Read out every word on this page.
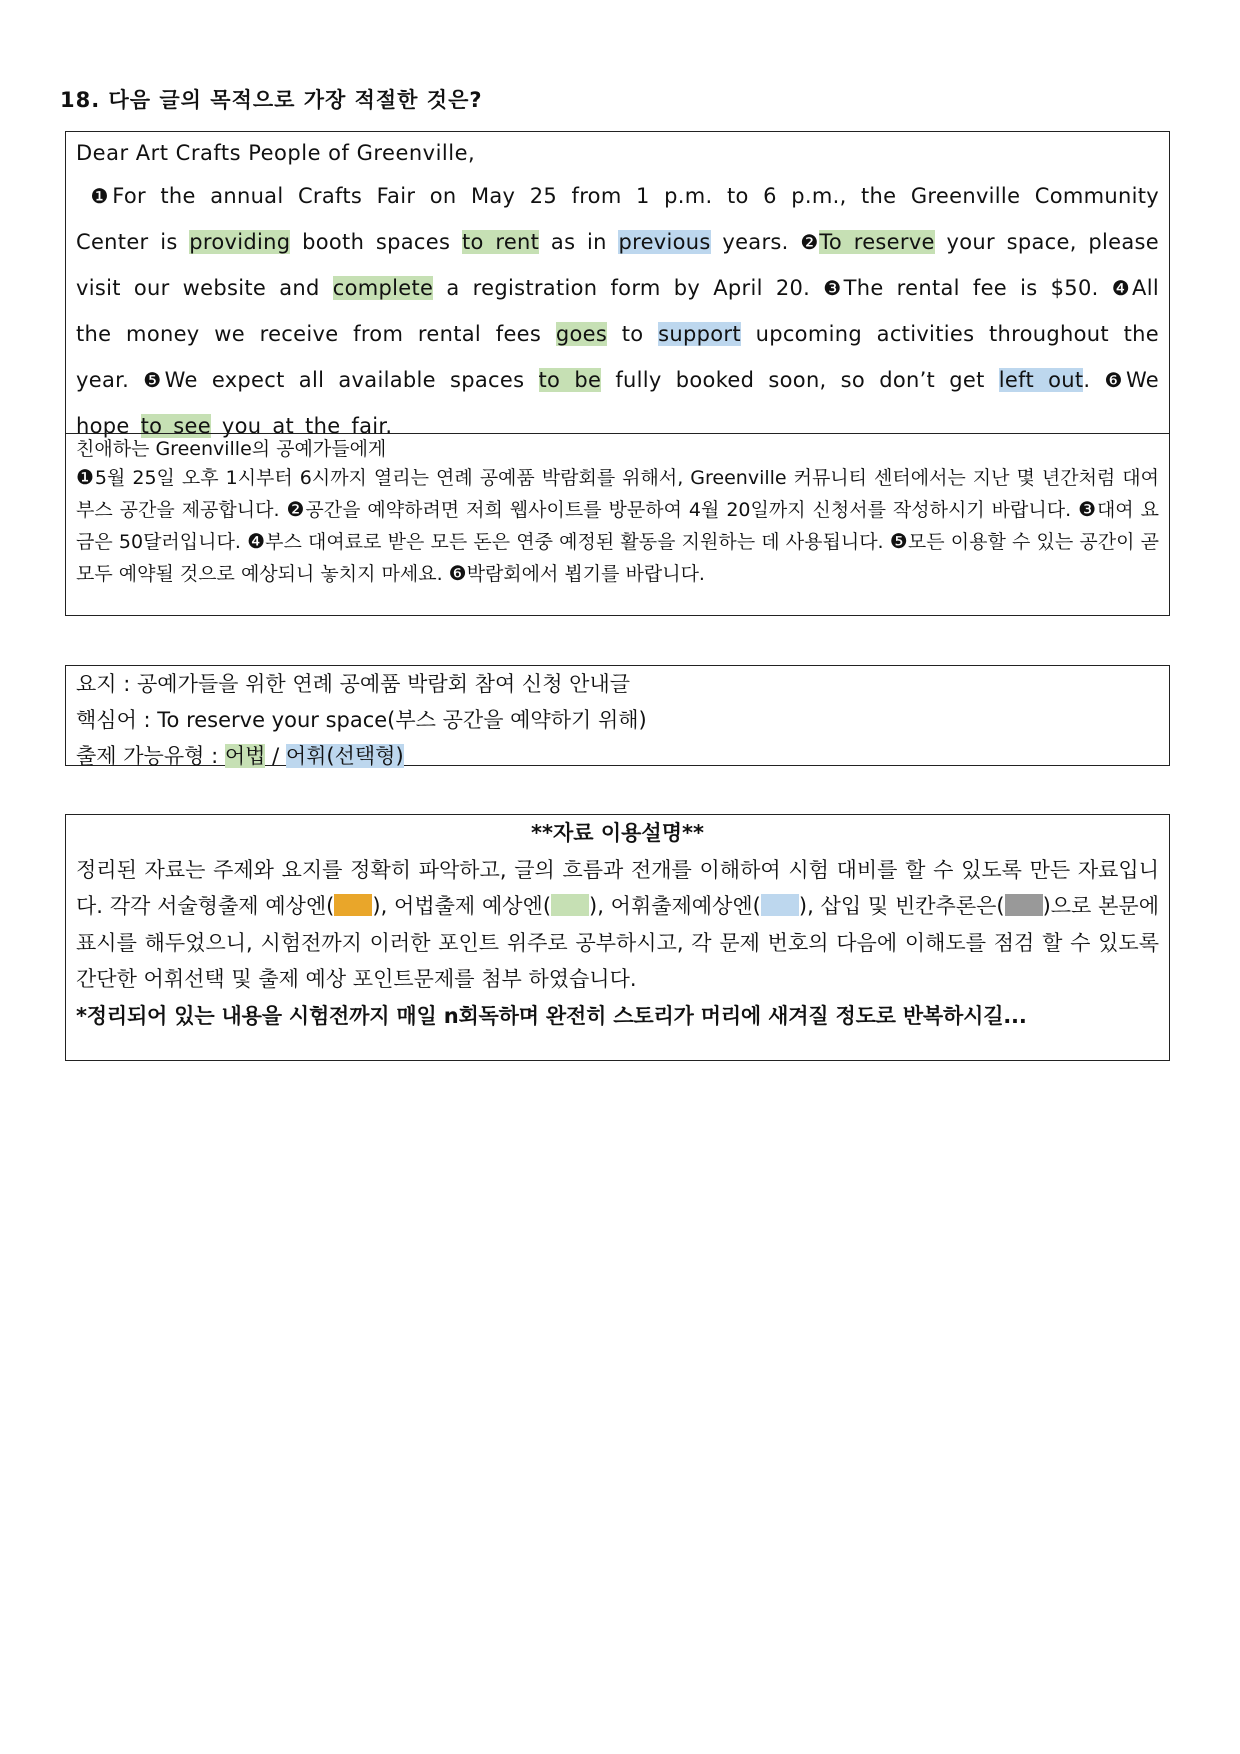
18. 다음 글의 목적으로 가장 적절한 것은?
Dear Art Crafts People of Greenville,
❶For the annual Crafts Fair on May 25 from 1 p.m. to 6 p.m., the Greenville Community Center is providing booth spaces to rent as in previous years. ❷To reserve your space, please visit our website and complete a registration form by April 20. ❸The rental fee is $50. ❹All the money we receive from rental fees goes to support upcoming activities throughout the year. ❺We expect all available spaces to be fully booked soon, so don’t get left out. ❻We hope to see you at the fair.
친애하는 Greenville의 공예가들에게
❶5월 25일 오후 1시부터 6시까지 열리는 연례 공예품 박람회를 위해서, Greenville 커뮤니티 센터에서는 지난 몇 년간처럼 대여 부스 공간을 제공합니다. ❷공간을 예약하려면 저희 웹사이트를 방문하여 4월 20일까지 신청서를 작성하시기 바랍니다. ❸대여 요금은 50달러입니다. ❹부스 대여료로 받은 모든 돈은 연중 예정된 활동을 지원하는 데 사용됩니다. ❺모든 이용할 수 있는 공간이 곧 모두 예약될 것으로 예상되니 놓치지 마세요. ❻박람회에서 뵙기를 바랍니다.
요지 : 공예가들을 위한 연례 공예품 박람회 참여 신청 안내글
핵심어 : To reserve your space(부스 공간을 예약하기 위해)
출제 가능유형 : 어법 / 어휘(선택형)
**자료 이용설명**
정리된 자료는 주제와 요지를 정확히 파악하고, 글의 흐름과 전개를 이해하여 시험 대비를 할 수 있도록 만든 자료입니다. 각각 서술형출제 예상엔( ), 어법출제 예상엔( ), 어휘출제예상엔( ), 삽입 및 빈칸추론은( )으로 본문에 표시를 해두었으니, 시험전까지 이러한 포인트 위주로 공부하시고, 각 문제 번호의 다음에 이해도를 점검 할 수 있도록 간단한 어휘선택 및 출제 예상 포인트문제를 첨부 하였습니다.
*정리되어 있는 내용을 시험전까지 매일 n회독하며 완전히 스토리가 머리에 새겨질 정도로 반복하시길...
